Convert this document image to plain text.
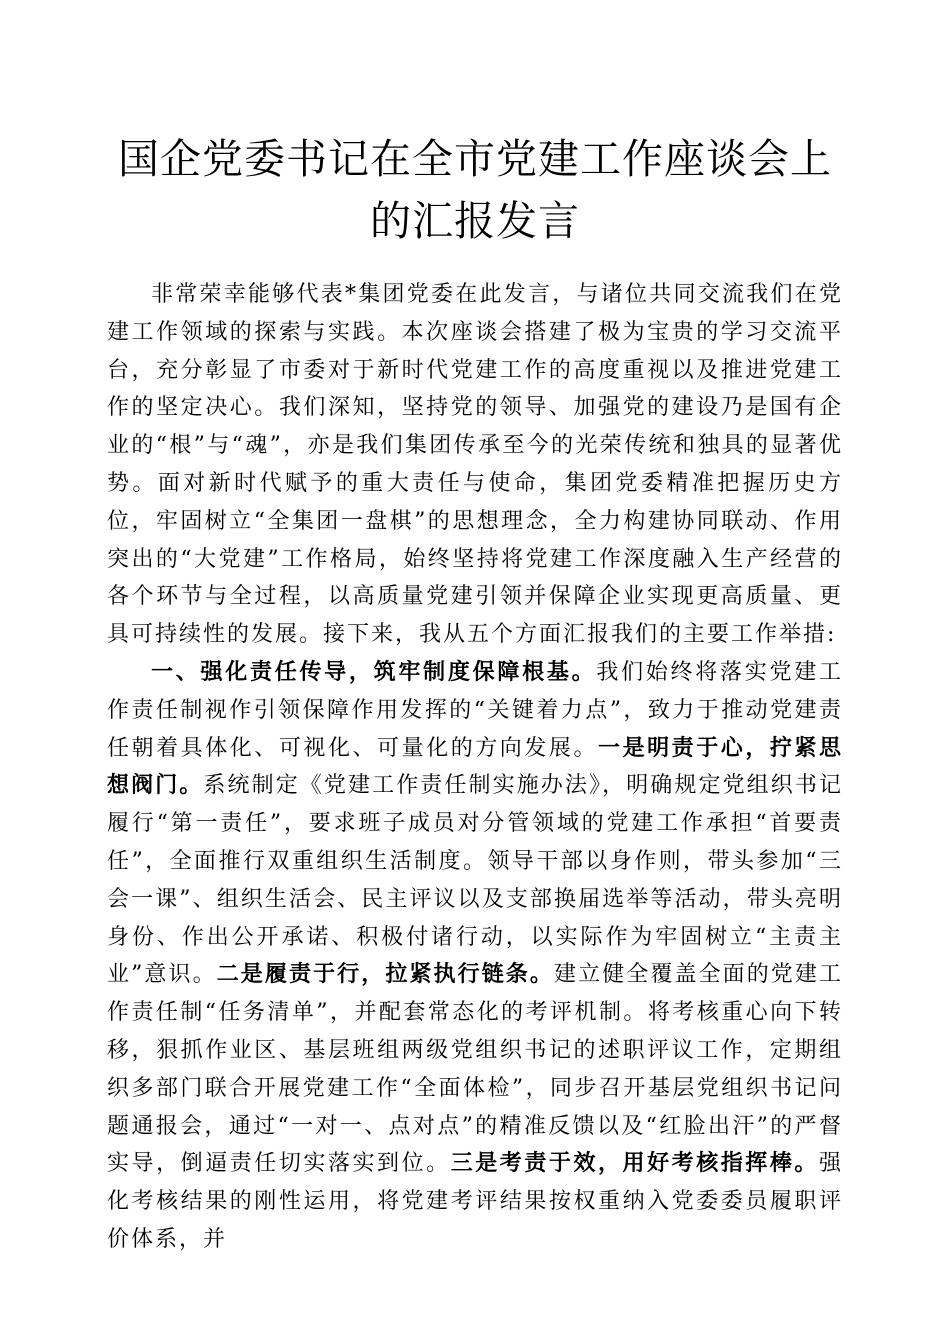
国企党委书记在全市党建工作座谈会上的汇报发言

非常荣幸能够代表*集团党委在此发言，与诸位共同交流我们在党建工作领域的探索与实践。本次座谈会搭建了极为宝贵的学习交流平台，充分彰显了市委对于新时代党建工作的高度重视以及推进党建工作的坚定决心。我们深知，坚持党的领导、加强党的建设乃是国有企业的“根”与“魂”，亦是我们集团传承至今的光荣传统和独具的显著优势。面对新时代赋予的重大责任与使命，集团党委精准把握历史方位，牢固树立“全集团一盘棋”的思想理念，全力构建协同联动、作用突出的“大党建”工作格局，始终坚持将党建工作深度融入生产经营的各个环节与全过程，以高质量党建引领并保障企业实现更高质量、更具可持续性的发展。接下来，我从五个方面汇报我们的主要工作举措:

一、强化责任传导，筑牢制度保障根基。我们始终将落实党建工作责任制视作引领保障作用发挥的“关键着力点”，致力于推动党建责任朝着具体化、可视化、可量化的方向发展。一是明责于心，拧紧思想阀门。系统制定《党建工作责任制实施办法》，明确规定党组织书记履行“第一责任”，要求班子成员对分管领域的党建工作承担“首要责任”，全面推行双重组织生活制度。领导干部以身作则，带头参加“三会一课”、组织生活会、民主评议以及支部换届选举等活动，带头亮明身份、作出公开承诺、积极付诸行动，以实际作为牢固树立“主责主业”意识。二是履责于行，拉紧执行链条。建立健全覆盖全面的党建工作责任制“任务清单”，并配套常态化的考评机制。将考核重心向下转移，狠抓作业区、基层班组两级党组织书记的述职评议工作，定期组织多部门联合开展党建工作“全面体检”，同步召开基层党组织书记问题通报会，通过“一对一、点对点”的精准反馈以及“红脸出汗”的严督实导，倒逼责任切实落实到位。三是考责于效，用好考核指挥棒。强化考核结果的刚性运用，将党建考评结果按权重纳入党委委员履职评价体系，并
